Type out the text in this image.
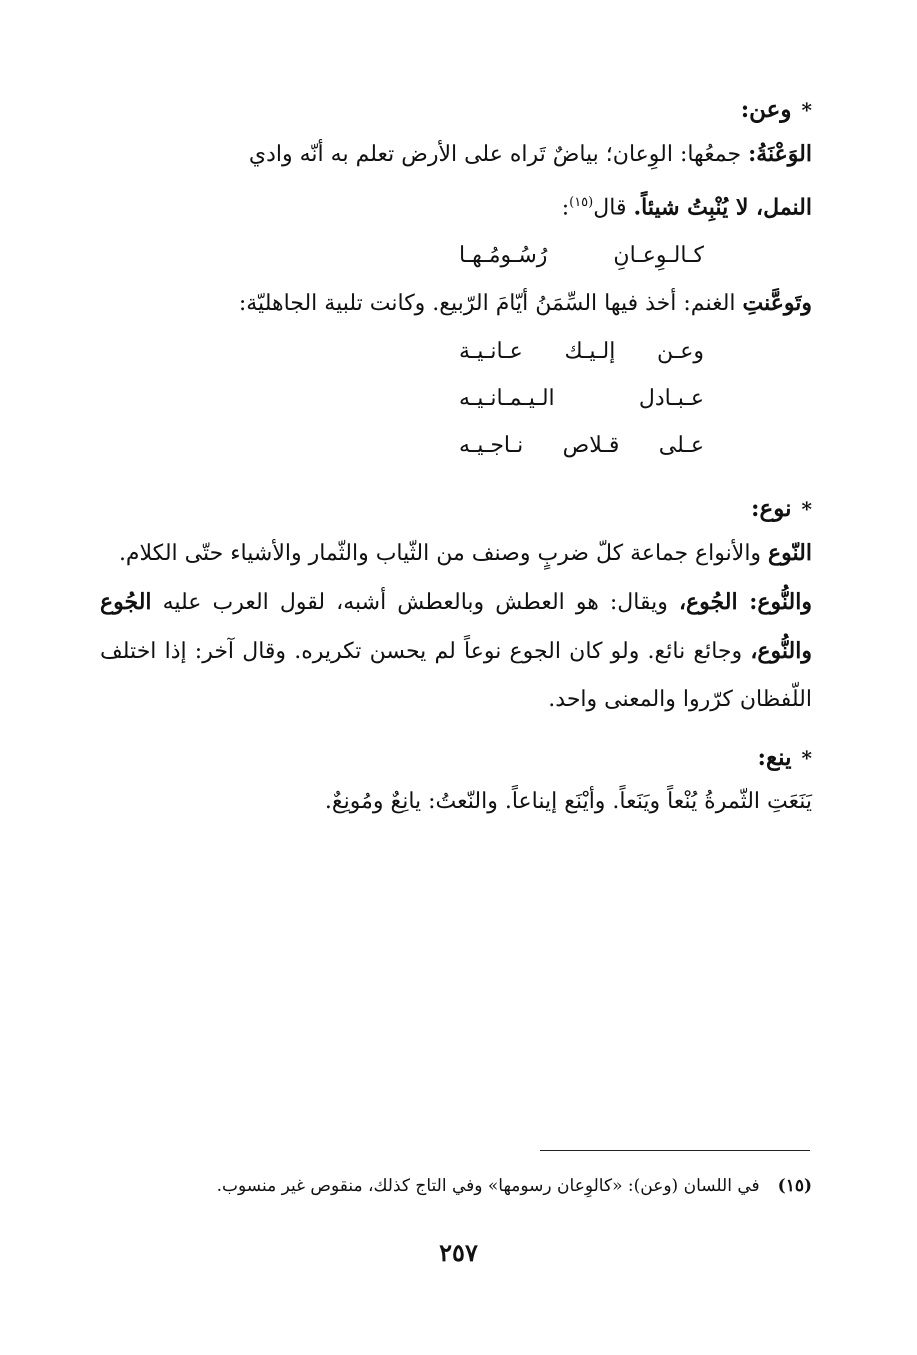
*وعن:

الوَعْنَةُ: جمعُها: الوِعان؛ بياضٌ تَراه على الأرض تعلم به أنّه وادي

النمل، لا يُنْبِتُ شيئاً. قال$^{(١٥)}$:

كـالـوِعـانِ رُسُـومُـهـا

وتَوعَّنتِ الغنم: أخذ فيها السِّمَنُ أيّامَ الرّبيع. وكانت تلبية الجاهليّة:

وعـن إلـيـك عـانـيـة
عـبـادل الـيـمـانـيـه
عـلى قـلاص نـاجـيـه

*نوع:

النّوع والأنواع جماعة كلّ ضربٍ وصنف من الثّياب والثّمار والأشياء حتّى الكلام.

والنُّوع: الجُوع، ويقال: هو العطش وبالعطش أشبه، لقول العرب عليه الجُوع والنُّوع، وجائع نائع. ولو كان الجوع نوعاً لم يحسن تكريره. وقال آخر: إذا اختلف اللّفظان كرّروا والمعنى واحد.

*ينع:

يَنَعَتِ الثّمرةُ يُنْعاً ويَنَعاً. وأيْنَع إيناعاً. والنّعتُ: يانِعٌ ومُونِعٌ.

(١٥)في اللسان (وعن): «كالوِعان رسومها» وفي التاج كذلك، منقوص غير منسوب.
٢٥٧
